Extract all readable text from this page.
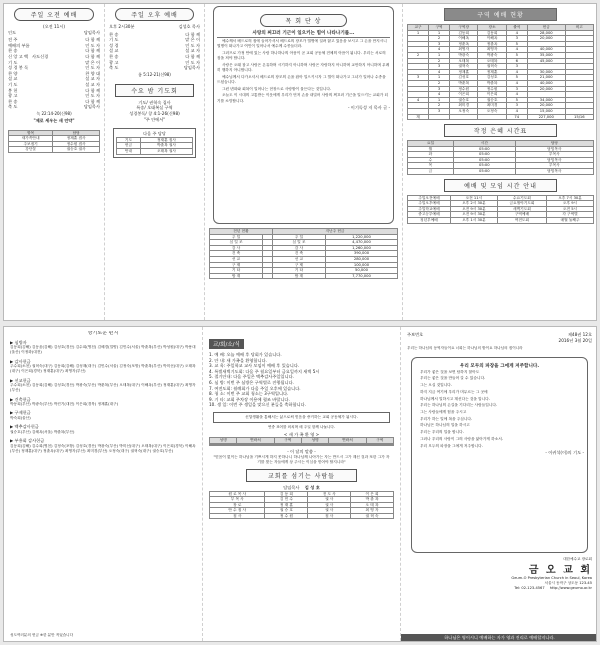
주일 오전 예배
(오전 11시)
인도	담임목사
전 주	다 함 께
예배의 부름	인 도 자
찬 송	다 함 께
신 앙 고 백 사도신경	다 함 께
기 도	맡 은 이
성 경 봉 독	인 도 자
찬 양	찬 양 대
설 교	설 교 자
기 도	설 교 자
봉 헌	다 함 께
광 고	인 도 자
찬 송	다 함 께
축 도	담임목사
눅 22:14-20(신98)
"제로 세우는 새 언약"
항목	담당
새가족안내	정재훈 집사
주보접기	정수원 집사
강단꽃	권승호 권사
주일 오후 예배
오후 2시30분	김성호 목사
찬 송	다 함 께
기 도	맡 은 이
성 경	인 도 자
설 교	설 교 자
찬 송	다 함 께
광 고	인 도 자
축 도	담임목사
롬 5:12-21(신98)
수요 밤 기도회
기도/ 권혁숙 집사
특송/ 오태복실 구역
성경봉독/ 창 4:1-26(신98)
"주 안에서"
다음 주 담당
기도	정재훈 집사
헌금	박춘복 권사
안내	오태복 권사
목 회 단 상
사랑의 찌끄러 기근이 일으키는 힘이 나타나기를...

예수께서 베드로의 집에 들어가셔서 베드로의 장모가 열병에 걸려 앓고 있음을 보시고 그 손을 만지시니 열병이 떠나가고 여인이 일어나서 예수께 수종들더라.

그러므로 가정 안에 있는 사람 하나하나의 아픔이 곧 교회 공동체 전체의 아픔이 됩니다. 우리는 서로의 짐을 져야 합니다.

사랑은 오래 참고 사랑은 온유하며 시기하지 아니하며 사랑은 자랑하지 아니하며 교만하지 아니하며 무례히 행하지 아니합니다.

예수님께서 다가오셔서 베드로의 장모의 손을 잡아 일으키시자 그 열이 떠나가고 그녀가 일어나 수종을 드셨습니다.

그런 변화와 회복이 일어나는 현장으로 사랑밭이 물든다는 것입니다.

오늘도 이 시대의 고통받는 이웃에게 우리가 먼저 손을 내밀어 사랑의 찌끄러 기근을 일으키는 교회가 되기를 소망합니다.

- 이기독성 저 목사 글 -
전년 현황		지난주 헌금	
주 일		주 일	1,220,000
십 일 조		십 일 조	4,470,000
감 사		감 사	1,260,000
건 축		건 축	390,000
선 교		선 교	280,000
구 제		구 제	100,000
기 타		기 타	50,000
합 계		합 계	7,770,000
구역 예배 현황
교구	구역	구역장	장소	출석	헌금	비고
1	1	김동희	김동희	4	28,000	
	2	이해옥	이해옥	3	20,000	
	3	정춘옥	정춘옥	5		
	4	최영자	최영자	4	40,000	
2	1	박광숙	박광숙	5	35,000	
	2	오태복	오태복	6	45,000	
	3	권혁숙	권혁숙	3		
	4	정재훈	정재훈	4	30,000	
3	1	김성호	김성호	5	21,000	
	2	박춘복	박춘복	4	40,000	
	3	정수원	정수원	3	20,000	
	4	이은희	이은희	4		
4	1	권승호	권승호	5	34,000	
	2	최미경	최미경	3	20,000	
	3	오정숙	오정숙	4	15,000	
계				74	227,000	15/16
작정 은혜 시간표
요일	시간	담당
월	05:00	담임목사
화	05:00	부목사
수	05:00	담임목사
목	05:00	부목사
금	05:00	담임목사
예배 및 모임 시간 안내
주일오전예배	오전 11시	수요기도회	오후 7시 30분
주일오후예배	오후 2시 30분	금요철야기도회	오후 9시
주일학교예배	오전 9시 30분	새벽기도회	오전 5시
중고등부예배	오전 9시 30분	구역예배	각 구역별
청년부예배	오후 1시 30분	여전도회	매월 둘째주
향기로운 편지
▶ 심방자
김동희(김해) 김동윤(김해) 김성호(경산) 김수희(영천) 김혜경(밀양) 김민수(서울) 박춘복(부산) 박성원(대구) 박용대(울산) 이정화(대전)
▶ 감사헌금
주수희(소천) 권혁숙(대구) 김동희(김해) 김성재(대구) 김민수(서울) 김정숙(포항) 박춘복(부산) 박미선(대구) 오태복(대구) 이은희(경북) 정재훈(대구) 최영자(부산)
▶ 선교헌금
주수희(소천) 김동희(김해) 김성호(경산) 박광숙(부산) 박춘복(부산) 오태복(대구) 이해옥(부산) 정재훈(대구) 최영자(부산)
▶ 건축헌금
박동희(부산) 박광숙(부산) 박진기(대전) 이은희(경북) 정재훈(대구)
▶ 구제헌금
박숙희(울산)
▶ 맥추감사헌금
권승호(부산) 김혜옥(서울) 박춘복(부산)
▶ 부흥회 감사헌금
김동희(김해) 김수희(영천) 김정숙(포항) 김성호(경산) 박광숙(부산) 박미선(대구) 오태복(대구) 이은희(경북) 이해옥(부산) 정재훈(대구) 정춘옥(대구) 최영자(부산) 최미경(부산) 오정숙(대구) 권혁숙(대구) 권승호(부산)
성도여러분의 헌금 ※한 분만 적었습니다
교/회/소/식
1. 예 배: 오늘 예배 후 당회가 있습니다.
2. 안 내: 새 가족을 환영합니다.
3. 교 육: 주일학교 교사 모임이 예배 후 있습니다.
4. 특별새벽기도회: 다음 주 월요일부터 금요일까지 새벽 5시
5. 절기안내: 다음 주일은 맥추감사주일입니다.
6. 심 방: 이번 주 심방은 구역별로 진행됩니다.
7. 여전도회: 월례회가 다음 주일 오후에 있습니다.
8. 청 소: 이번 주 교회 청소는 3구역입니다.
9. 기 타: 교회 주차장 이용에 협조 바랍니다.
10. 생 일: 이번 주 생일을 맞으신 분들을 축하합니다.
신앙생활을 통해서는 삶으로써 믿음을 증거하는 교회 공동체가 됩시다.
연중 표어를 외치며 매 주일 함께 나눕니다.
< 새 가 족 환 영 >
성명	연락처	구역	성명	연락처	구역

- 이 달의 말씀 -
"믿음이 없이는 하나님을 기쁘시게 하지 못하나니 하나님께 나아가는 자는 반드시 그가 계신 것과 또한 그가 자기를 찾는 자들에게 상 주시는 이심을 믿어야 할지니라"
교회를 섬기는 사람들
담임목사 김 성 호
원 로 목 사	김 동 희	전 도 사	이 은 희
부 목 사	김 민 수	권 사	박 춘 복
장 로	정 재 훈	권 사	오 태 복
안 수 집 사	권 승 호	권 사	최 영 자
집 사	정 수 원	집 사	권 혁 숙
주보번호	제48권 12호
2016년 3월 20일
우리는 하나님의 동역자들이요 너희는 하나님의 밭이요 하나님의 집이니라
우리 모두의 파장을 그에게 저주합니다.

우리가 좋은 것을 보면 탐하지 않아도

우리는 좋은 것을 만들어 갈 수 있습니다.

그는 오실 것입니다.

하지 지금 여기에 우리가 머무르는 그 곳에

하나님께서 일하시고 계신다는 것을 압니다.

우리는 하나님의 손길을 기다리는 사람들입니다.

그는 사람들에게 힘을 주시고

우리가 하는 일에 복을 주십니다.

하나님은 하나님의 일을 하시고

우리는 우리의 일을 합니다.

그러나 우리의 사랑이 그의 사랑을 닮아가게 하소서.

우리 모두의 파장을 그에게 저주합니다.

- 이귀석(이)의 기도 -
대한예수교 장로회
금 오 교 회
Geum-O Presbyterian Church in Seoul, Korea
서울시 동작구 상도동 123-45
Tel: 02-123-4567 http://www.geumo.or.kr
하나님은 영이시니 예배하는 자가 영과 진리로 예배할지니라.
